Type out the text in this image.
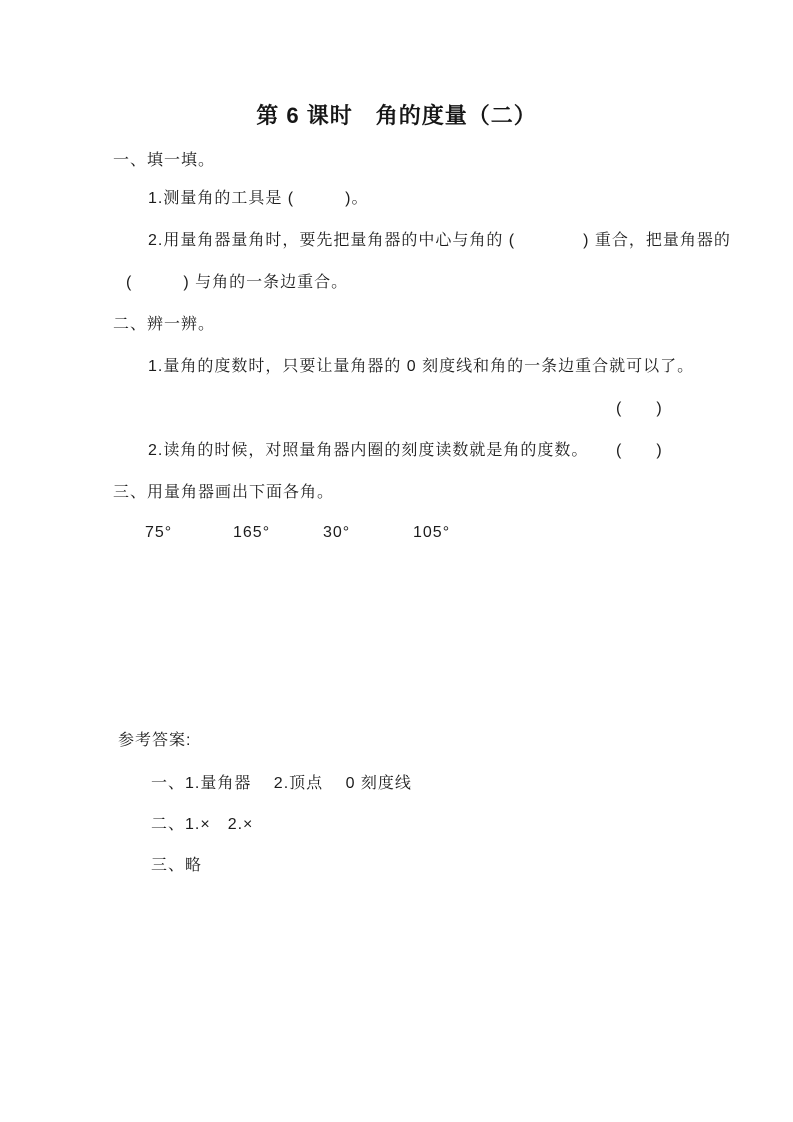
第 6 课时　角的度量（二）
一、填一填。
1.测量角的工具是 (　　　)。
2.用量角器量角时，要先把量角器的中心与角的 (　　　　) 重合，把量角器的
(　　　) 与角的一条边重合。
二、辨一辨。
1.量角的度数时，只要让量角器的 0 刻度线和角的一条边重合就可以了。
(　　)
2.读角的时候，对照量角器内圈的刻度读数就是角的度数。 (　　)
三、用量角器画出下面各角。
75°	165°	30°	105°
参考答案:
一、1.量角器　 2.顶点　 0 刻度线
二、1.×　2.×
三、略
